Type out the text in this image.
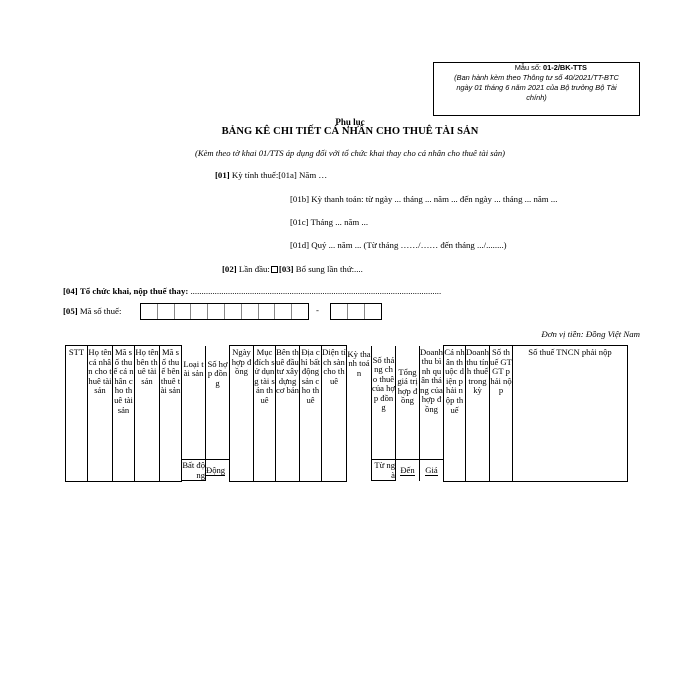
Mẫu số: 01-2/BK-TTS
(Ban hành kèm theo Thông tư số 40/2021/TT-BTC
ngày 01 tháng 6 năm 2021 của Bộ trưởng Bộ Tài
chính)
Phụ lục
BẢNG KÊ CHI TIẾT CÁ NHÂN CHO THUÊ TÀI SẢN
(Kèm theo tờ khai 01/TTS áp dụng đối với tổ chức khai thay cho cá nhân cho thuê tài sản)
[01] Kỳ tính thuế:[01a] Năm …
[01b] Kỳ thanh toán: từ ngày ... tháng ... năm ... đến ngày ... tháng ... năm ...
[01c] Tháng ... năm ...
[01d] Quý ... năm ... (Từ tháng ……/…… đến tháng .../........)
[02] Lần đầu: [03] Bổ sung lần thứ:....
[04] Tổ chức khai, nộp thuế thay: ..................................................................................................................
[05] Mã số thuế:	-
Đơn vị tiền: Đồng Việt Nam
STT	Họ tên cá nhân cho thuê tài sản	Mã số thuế cá nhân cho thuê tài sản	Họ tên bên thuê tài sản	Mã số thuế bên thuê tài sản	Loại tài sản	Số hợp đồng	Ngày hợp đồng	Mục đích sử dụng tài sản thuê	Bên thuê đầu tư xây dựng cơ bản	Địa chỉ bất động sản cho thuê	Diện tích sàn cho thuê	Kỳ thanh toán	Số tháng cho thuê của hợp đồng	Tổng giá trị hợp đồng	Doanh thu bình quân tháng của hợp đồng	Cá nhân thuộc diện phải nộp thuế	Doanh thu tính thuế trong kỳ	Số thuế GTGT phải nộp	Số thuế TNCN phải nộp
					Bất động	Động							Từ ngà	Đến	Giá				
